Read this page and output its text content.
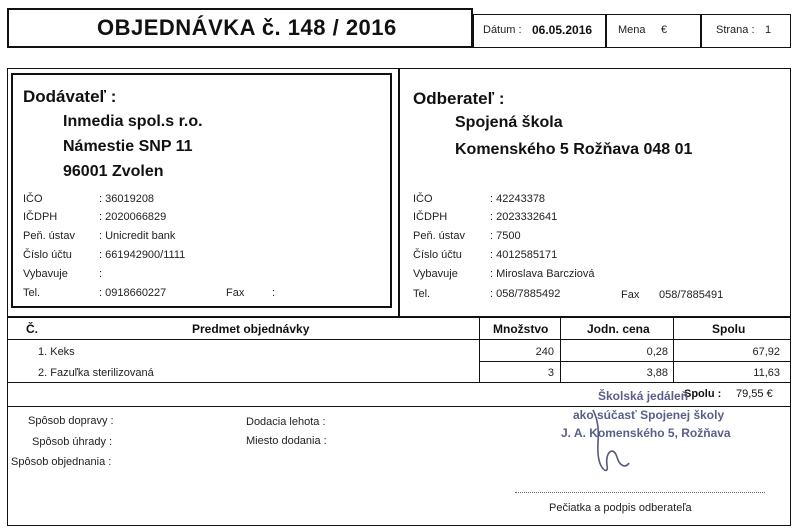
OBJEDNÁVKA č. 148 / 2016	Dátum : 06.05.2016 Mena €	Strana : 1
Dodávateľ :
Inmedia spol.s r.o.
Námestie SNP 11
96001 Zvolen
IČO	: 36019208
IČDPH	: 2020066829
Peň. ústav : Unicredit bank
Číslo účtu : 661942900/1111
Vybavuje	:
Tel.	: 0918660227	Fax	:
Odberateľ :
Spojená škola
Komenského 5 Rožňava 048 01
IČO	: 42243378
IČDPH	: 2023332641
Peň. ústav : 7500
Číslo účtu	: 4012585171
Vybavuje	: Miroslava Barcziová
Tel.	: 058/7885492	Fax 058/7885491
Č.	Predmet objednávky	Množstvo	Jodn. cena	Spolu
1. Keks	240	0,28	67,92
2. Fazuľka sterilizovaná	3	3,88	11,63
Spolu : 79,55 €
Spôsob dopravy :
Spôsob úhrady :
Spôsob objednania :
Dodacia lehota :
Miesto dodania :
Školská jedáleň
ako súčasť Spojenej školy
J. A. Komenského 5, Rožňava
Pečiatka a podpis odberateľa
